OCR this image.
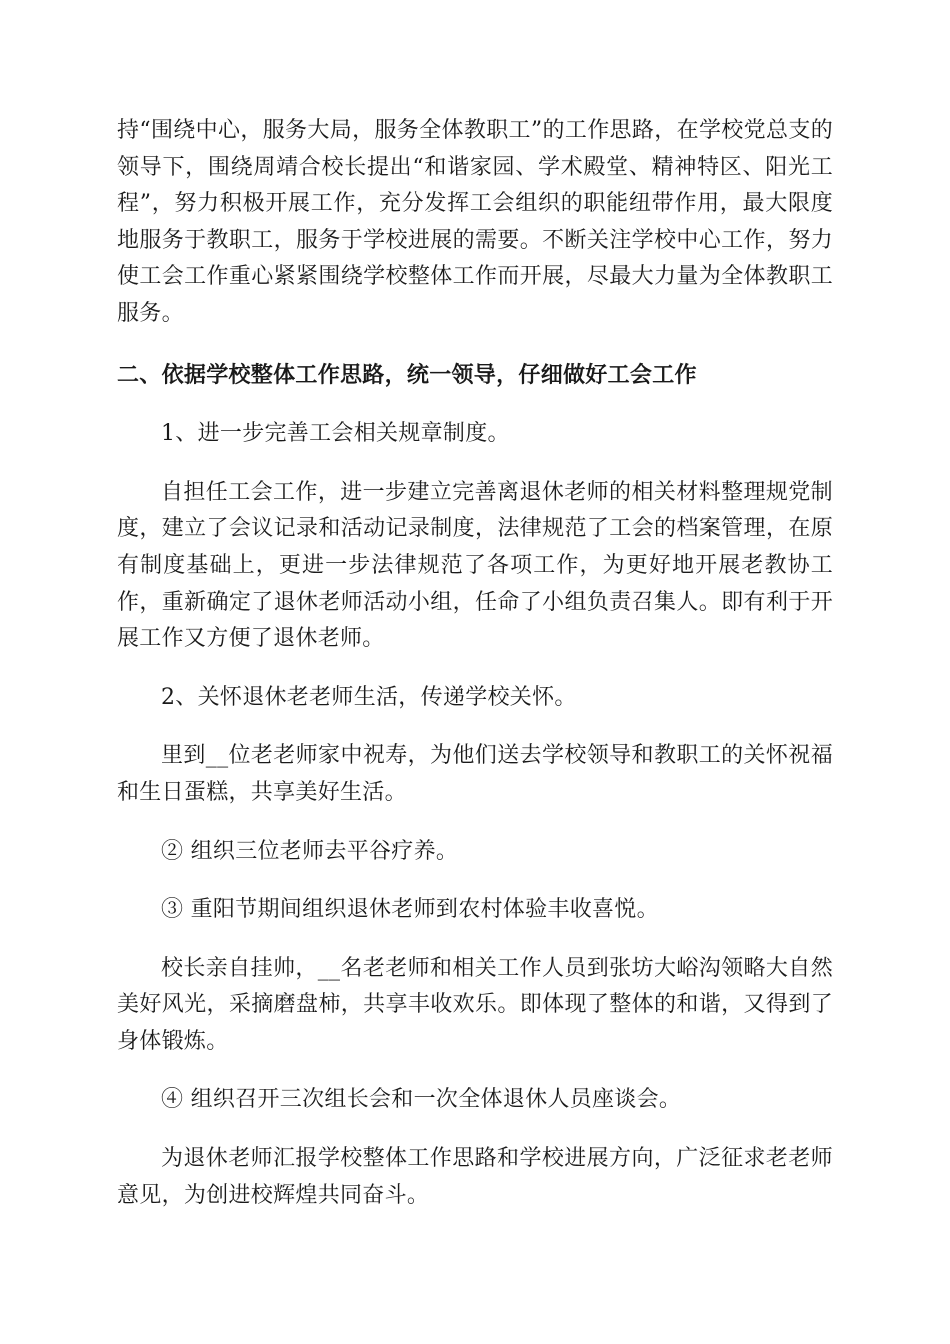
持“围绕中心，服务大局，服务全体教职工”的工作思路，在学校党总支的领导下，围绕周靖合校长提出“和谐家园、学术殿堂、精神特区、阳光工程”，努力积极开展工作，充分发挥工会组织的职能纽带作用，最大限度地服务于教职工，服务于学校进展的需要。不断关注学校中心工作，努力使工会工作重心紧紧围绕学校整体工作而开展，尽最大力量为全体教职工服务。

二、依据学校整体工作思路，统一领导，仔细做好工会工作

1、进一步完善工会相关规章制度。

自担任工会工作，进一步建立完善离退休老师的相关材料整理规党制度，建立了会议记录和活动记录制度，法律规范了工会的档案管理，在原有制度基础上，更进一步法律规范了各项工作，为更好地开展老教协工作，重新确定了退休老师活动小组，任命了小组负责召集人。即有利于开展工作又方便了退休老师。

2、关怀退休老老师生活，传递学校关怀。

里到__位老老师家中祝寿，为他们送去学校领导和教职工的关怀祝福和生日蛋糕，共享美好生活。

② 组织三位老师去平谷疗养。

③ 重阳节期间组织退休老师到农村体验丰收喜悦。

校长亲自挂帅，__名老老师和相关工作人员到张坊大峪沟领略大自然美好风光，采摘磨盘柿，共享丰收欢乐。即体现了整体的和谐，又得到了身体锻炼。

④ 组织召开三次组长会和一次全体退休人员座谈会。

为退休老师汇报学校整体工作思路和学校进展方向，广泛征求老老师意见，为创进校辉煌共同奋斗。
